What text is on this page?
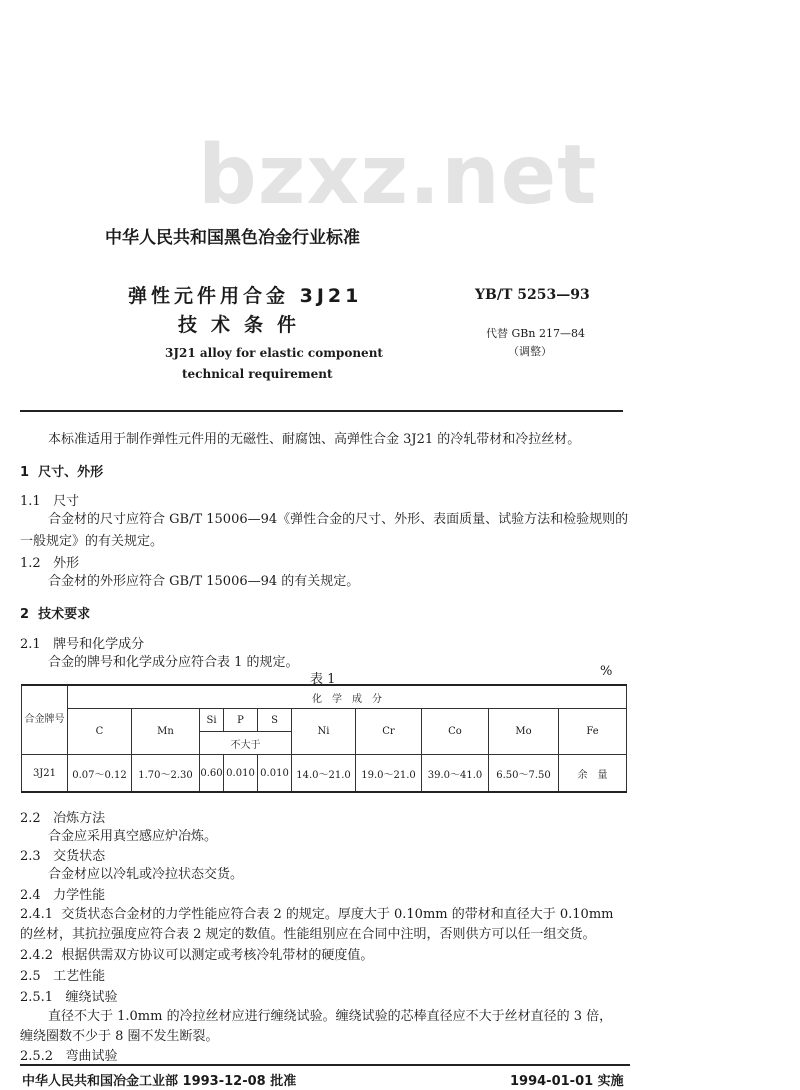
bzxz.net
中华人民共和国黑色冶金行业标准
弹性元件用合金 3J21
技术条件
YB/T 5253—93
代替 GBn 217—84
（调整）
3J21 alloy for elastic component
technical requirement
本标准适用于制作弹性元件用的无磁性、耐腐蚀、高弹性合金 3J21 的冷轧带材和冷拉丝材。
1 尺寸、外形
1.1 尺寸
合金材的尺寸应符合 GB/T 15006—94《弹性合金的尺寸、外形、表面质量、试验方法和检验规则的
一般规定》的有关规定。
1.2 外形
合金材的外形应符合 GB/T 15006—94 的有关规定。
2 技术要求
2.1 牌号和化学成分
合金的牌号和化学成分应符合表 1 的规定。
表 1
%
合金牌号	化　学　成　分									
	C	Mn	Si	P	S	Ni	Cr	Co	Mo	Fe
			不大于							
3J21	0.07～0.12	1.70～2.30	0.60	0.010	0.010	14.0～21.0	19.0～21.0	39.0～41.0	6.50～7.50	余　量
2.2 冶炼方法
合金应采用真空感应炉冶炼。
2.3 交货状态
合金材应以冷轧或冷拉状态交货。
2.4 力学性能
2.4.1 交货状态合金材的力学性能应符合表 2 的规定。厚度大于 0.10mm 的带材和直径大于 0.10mm
的丝材，其抗拉强度应符合表 2 规定的数值。性能组别应在合同中注明，否则供方可以任一组交货。
2.4.2 根据供需双方协议可以测定或考核冷轧带材的硬度值。
2.5 工艺性能
2.5.1 缠绕试验
直径不大于 1.0mm 的冷拉丝材应进行缠绕试验。缠绕试验的芯棒直径应不大于丝材直径的 3 倍，
缠绕圈数不少于 8 圈不发生断裂。
2.5.2 弯曲试验
中华人民共和国冶金工业部 1993-12-08 批准	1994-01-01 实施
